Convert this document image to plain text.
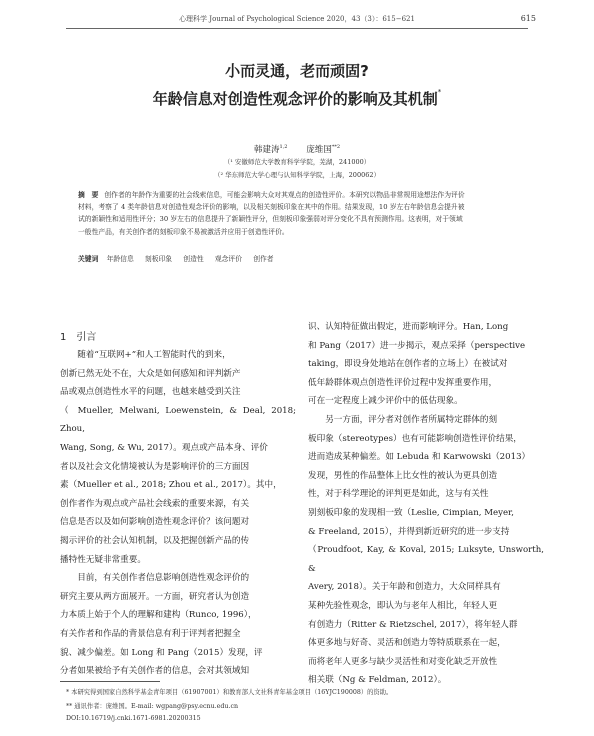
心理科学 Journal of Psychological Science 2020，43（3）：615−621	615
小而灵通，老而顽固?
年龄信息对创造性观念评价的影响及其机制*
韩建涛$^{1,2}$ 庞维国$^{**2}$
（¹ 安徽师范大学教育科学学院，芜湖，241000）
（² 华东师范大学心理与认知科学学院，上海，200062）
摘　要 创作者的年龄作为重要的社会线索信息，可能会影响大众对其观点的创造性评价。本研究以物品非常规用途想法作为评价
材料，考察了 4 类年龄信息对创造性观念评价的影响，以及相关刻板印象在其中的作用。结果发现，10 岁左右年龄信息会提升被
试的新颖性和适用性评分；30 岁左右的信息提升了新颖性评分，但刻板印象强弱对评分变化不具有预测作用。这表明，对于领域
一般性产品，有关创作者的刻板印象不易被激活并应用于创造性评价。
关键词 年龄信息 刻板印象 创造性 观念评价 创作者
1 引言

随着“互联网+”和人工智能时代的到来，

创新已然无处不在，大众是如何感知和评判新产

品或观点创造性水平的问题，也越来越受到关注

（ Mueller, Melwani, Loewenstein, & Deal, 2018; Zhou,

Wang, Song, & Wu, 2017）。观点或产品本身、评价

者以及社会文化情境被认为是影响评价的三方面因

素（Mueller et al., 2018; Zhou et al., 2017）。其中，

创作者作为观点或产品社会线索的重要来源，有关

信息是否以及如何影响创造性观念评价？该问题对

揭示评价的社会认知机制，以及把握创新产品的传

播特性无疑非常重要。

目前，有关创作者信息影响创造性观念评价的

研究主要从两方面展开。一方面，研究者认为创造

力本质上始于个人的理解和建构（Runco, 1996），

有关作者和作品的背景信息有利于评判者把握全

貌、减少偏差。如 Long 和 Pang（2015）发现，评

分者如果被给予有关创作者的信息，会对其领域知

识、认知特征做出假定，进而影响评分。Han, Long

和 Pang（2017）进一步揭示，观点采择（perspective

taking，即设身处地站在创作者的立场上）在被试对

低年龄群体观点创造性评价过程中发挥重要作用，

可在一定程度上减少评价中的低估现象。

另一方面，评分者对创作者所属特定群体的刻

板印象（stereotypes）也有可能影响创造性评价结果，

进而造成某种偏差。如 Lebuda 和 Karwowski（2013）

发现，男性的作品整体上比女性的被认为更具创造

性，对于科学理论的评判更是如此，这与有关性

别刻板印象的发现相一致（Leslie, Cimpian, Meyer,

& Freeland, 2015），并得到新近研究的进一步支持

（Proudfoot, Kay, & Koval, 2015; Luksyte, Unsworth, &

Avery, 2018）。关于年龄和创造力，大众同样具有

某种先验性观念，即认为与老年人相比，年轻人更

有创造力（Ritter & Rietzschel, 2017），将年轻人群

体更多地与好奇、灵活和创造力等特质联系在一起，

而将老年人更多与缺少灵活性和对变化缺乏开放性

相关联（Ng & Feldman, 2012）。

* 本研究得到国家自然科学基金青年项目（61907001）和教育部人文社科青年基金项目（16YJC190008）的资助。
** 通讯作者：庞维国。E-mail: wgpang@psy.ecnu.edu.cn
DOI:10.16719/j.cnki.1671-6981.20200315
